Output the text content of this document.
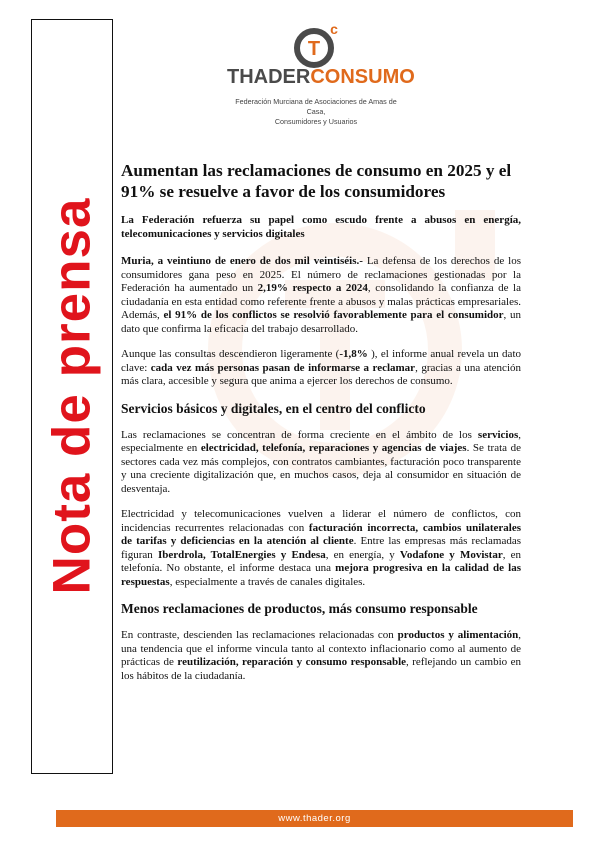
Nota de prensa
T
c
THADERCONSUMO
Federación Murciana de Asociaciones de Amas de Casa,
Consumidores y Usuarios
Aumentan las reclamaciones de consumo en 2025 y el 91% se resuelve a favor de los consumidores
La Federación refuerza su papel como escudo frente a abusos en energía, telecomunicaciones y servicios digitales
Muria, a veintiuno de enero de dos mil veintiséis.- La defensa de los derechos de los consumidores gana peso en 2025. El número de reclamaciones gestionadas por la Federación ha aumentado un 2,19% respecto a 2024, consolidando la confianza de la ciudadanía en esta entidad como referente frente a abusos y malas prácticas empresariales. Además, el 91% de los conflictos se resolvió favorablemente para el consumidor, un dato que confirma la eficacia del trabajo desarrollado.
Aunque las consultas descendieron ligeramente (-1,8% ), el informe anual revela un dato clave: cada vez más personas pasan de informarse a reclamar, gracias a una atención más clara, accesible y segura que anima a ejercer los derechos de consumo.
Servicios básicos y digitales, en el centro del conflicto
Las reclamaciones se concentran de forma creciente en el ámbito de los servicios, especialmente en electricidad, telefonía, reparaciones y agencias de viajes. Se trata de sectores cada vez más complejos, con contratos cambiantes, facturación poco transparente y una creciente digitalización que, en muchos casos, deja al consumidor en situación de desventaja.
Electricidad y telecomunicaciones vuelven a liderar el número de conflictos, con incidencias recurrentes relacionadas con facturación incorrecta, cambios unilaterales de tarifas y deficiencias en la atención al cliente. Entre las empresas más reclamadas figuran Iberdrola, TotalEnergies y Endesa, en energía, y Vodafone y Movistar, en telefonía. No obstante, el informe destaca una mejora progresiva en la calidad de las respuestas, especialmente a través de canales digitales.
Menos reclamaciones de productos, más consumo responsable
En contraste, descienden las reclamaciones relacionadas con productos y alimentación, una tendencia que el informe vincula tanto al contexto inflacionario como al aumento de prácticas de reutilización, reparación y consumo responsable, reflejando un cambio en los hábitos de la ciudadanía.
www.thader.org
